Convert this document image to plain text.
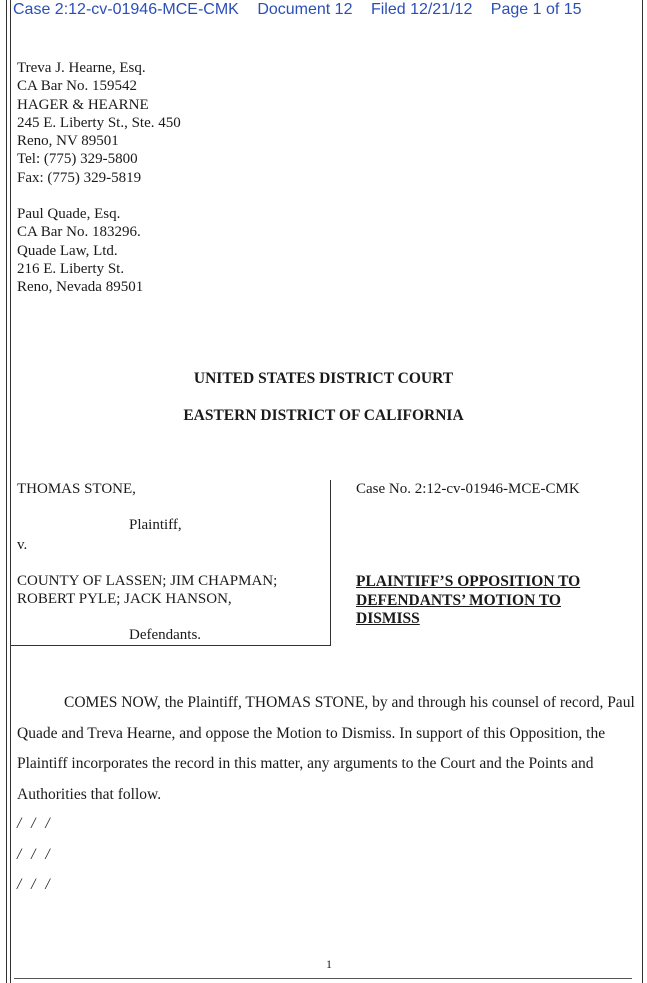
Case 2:12-cv-01946-MCE-CMK Document 12 Filed 12/21/12 Page 1 of 15
Treva J. Hearne, Esq.
CA Bar No. 159542
HAGER & HEARNE
245 E. Liberty St., Ste. 450
Reno, NV 89501
Tel: (775) 329-5800
Fax: (775) 329-5819
Paul Quade, Esq.
CA Bar No. 183296.
Quade Law, Ltd.
216 E. Liberty St.
Reno, Nevada 89501
UNITED STATES DISTRICT COURT
EASTERN DISTRICT OF CALIFORNIA
THOMAS STONE,
Plaintiff,
v.
COUNTY OF LASSEN; JIM CHAPMAN;
ROBERT PYLE; JACK HANSON,
Defendants.
Case No. 2:12-cv-01946-MCE-CMK
PLAINTIFF’S OPPOSITION TO DEFENDANTS’ MOTION TO DISMISS
COMES NOW, the Plaintiff, THOMAS STONE, by and through his counsel of record, Paul Quade and Treva Hearne, and oppose the Motion to Dismiss. In support of this Opposition, the Plaintiff incorporates the record in this matter, any arguments to the Court and the Points and Authorities that follow.
/ / /
/ / /
/ / /
1
